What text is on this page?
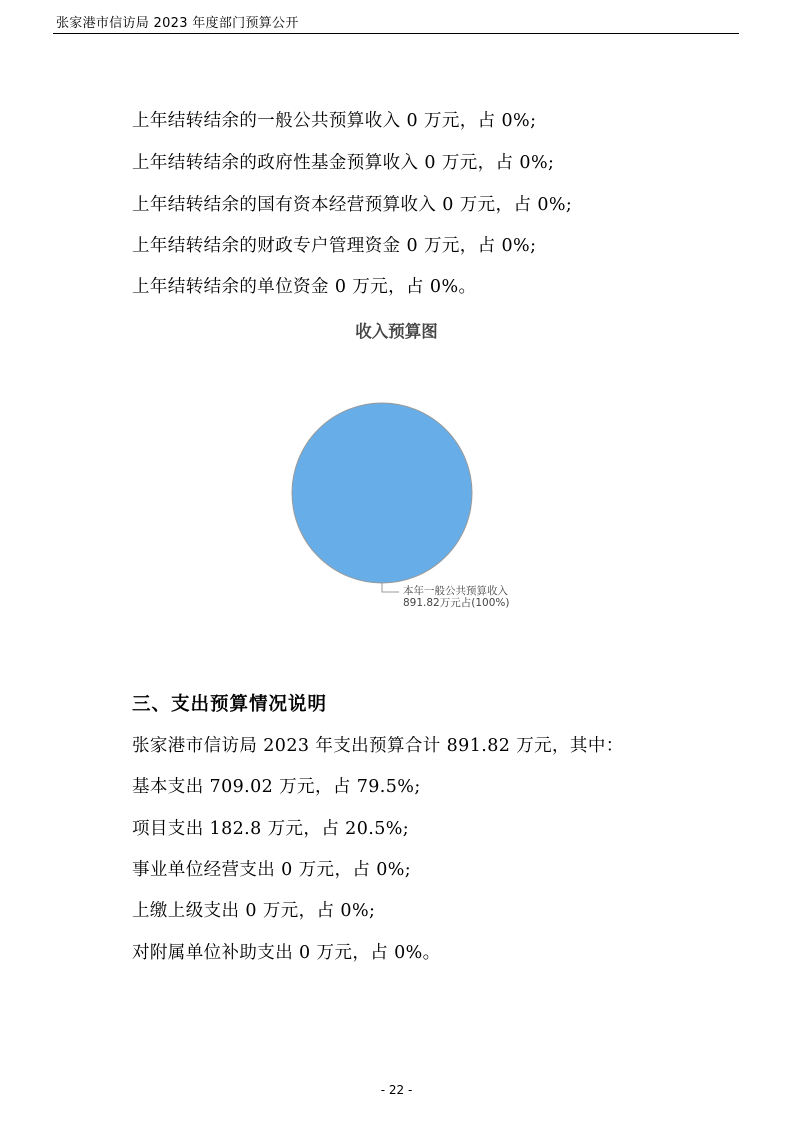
张家港市信访局 2023 年度部门预算公开
上年结转结余的一般公共预算收入 0 万元，占 0%;
上年结转结余的政府性基金预算收入 0 万元，占 0%;
上年结转结余的国有资本经营预算收入 0 万元，占 0%;
上年结转结余的财政专户管理资金 0 万元，占 0%;
上年结转结余的单位资金 0 万元，占 0%。
收入预算图
本年一般公共预算收入
891.82万元占(100%)
三、支出预算情况说明
张家港市信访局 2023 年支出预算合计 891.82 万元，其中：
基本支出 709.02 万元，占 79.5%;
项目支出 182.8 万元，占 20.5%;
事业单位经营支出 0 万元，占 0%;
上缴上级支出 0 万元，占 0%;
对附属单位补助支出 0 万元，占 0%。
- 22 -
